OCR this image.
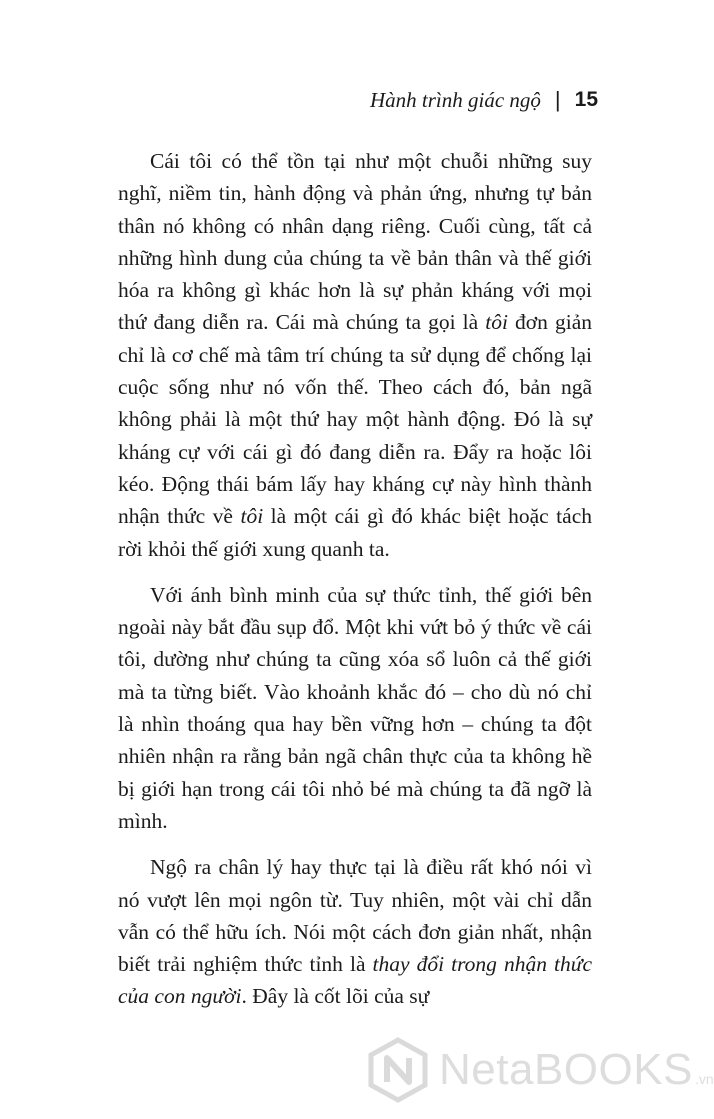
Hành trình giác ngộ | 15

Cái tôi có thể tồn tại như một chuỗi những suy nghĩ, niềm tin, hành động và phản ứng, nhưng tự bản thân nó không có nhân dạng riêng. Cuối cùng, tất cả những hình dung của chúng ta về bản thân và thế giới hóa ra không gì khác hơn là sự phản kháng với mọi thứ đang diễn ra. Cái mà chúng ta gọi là tôi đơn giản chỉ là cơ chế mà tâm trí chúng ta sử dụng để chống lại cuộc sống như nó vốn thế. Theo cách đó, bản ngã không phải là một thứ hay một hành động. Đó là sự kháng cự với cái gì đó đang diễn ra. Đẩy ra hoặc lôi kéo. Động thái bám lấy hay kháng cự này hình thành nhận thức về tôi là một cái gì đó khác biệt hoặc tách rời khỏi thế giới xung quanh ta.

Với ánh bình minh của sự thức tỉnh, thế giới bên ngoài này bắt đầu sụp đổ. Một khi vứt bỏ ý thức về cái tôi, dường như chúng ta cũng xóa sổ luôn cả thế giới mà ta từng biết. Vào khoảnh khắc đó – cho dù nó chỉ là nhìn thoáng qua hay bền vững hơn – chúng ta đột nhiên nhận ra rằng bản ngã chân thực của ta không hề bị giới hạn trong cái tôi nhỏ bé mà chúng ta đã ngỡ là mình.

Ngộ ra chân lý hay thực tại là điều rất khó nói vì nó vượt lên mọi ngôn từ. Tuy nhiên, một vài chỉ dẫn vẫn có thể hữu ích. Nói một cách đơn giản nhất, nhận biết trải nghiệm thức tỉnh là thay đổi trong nhận thức của con người. Đây là cốt lõi của sự

NetaBOOKS .vn
